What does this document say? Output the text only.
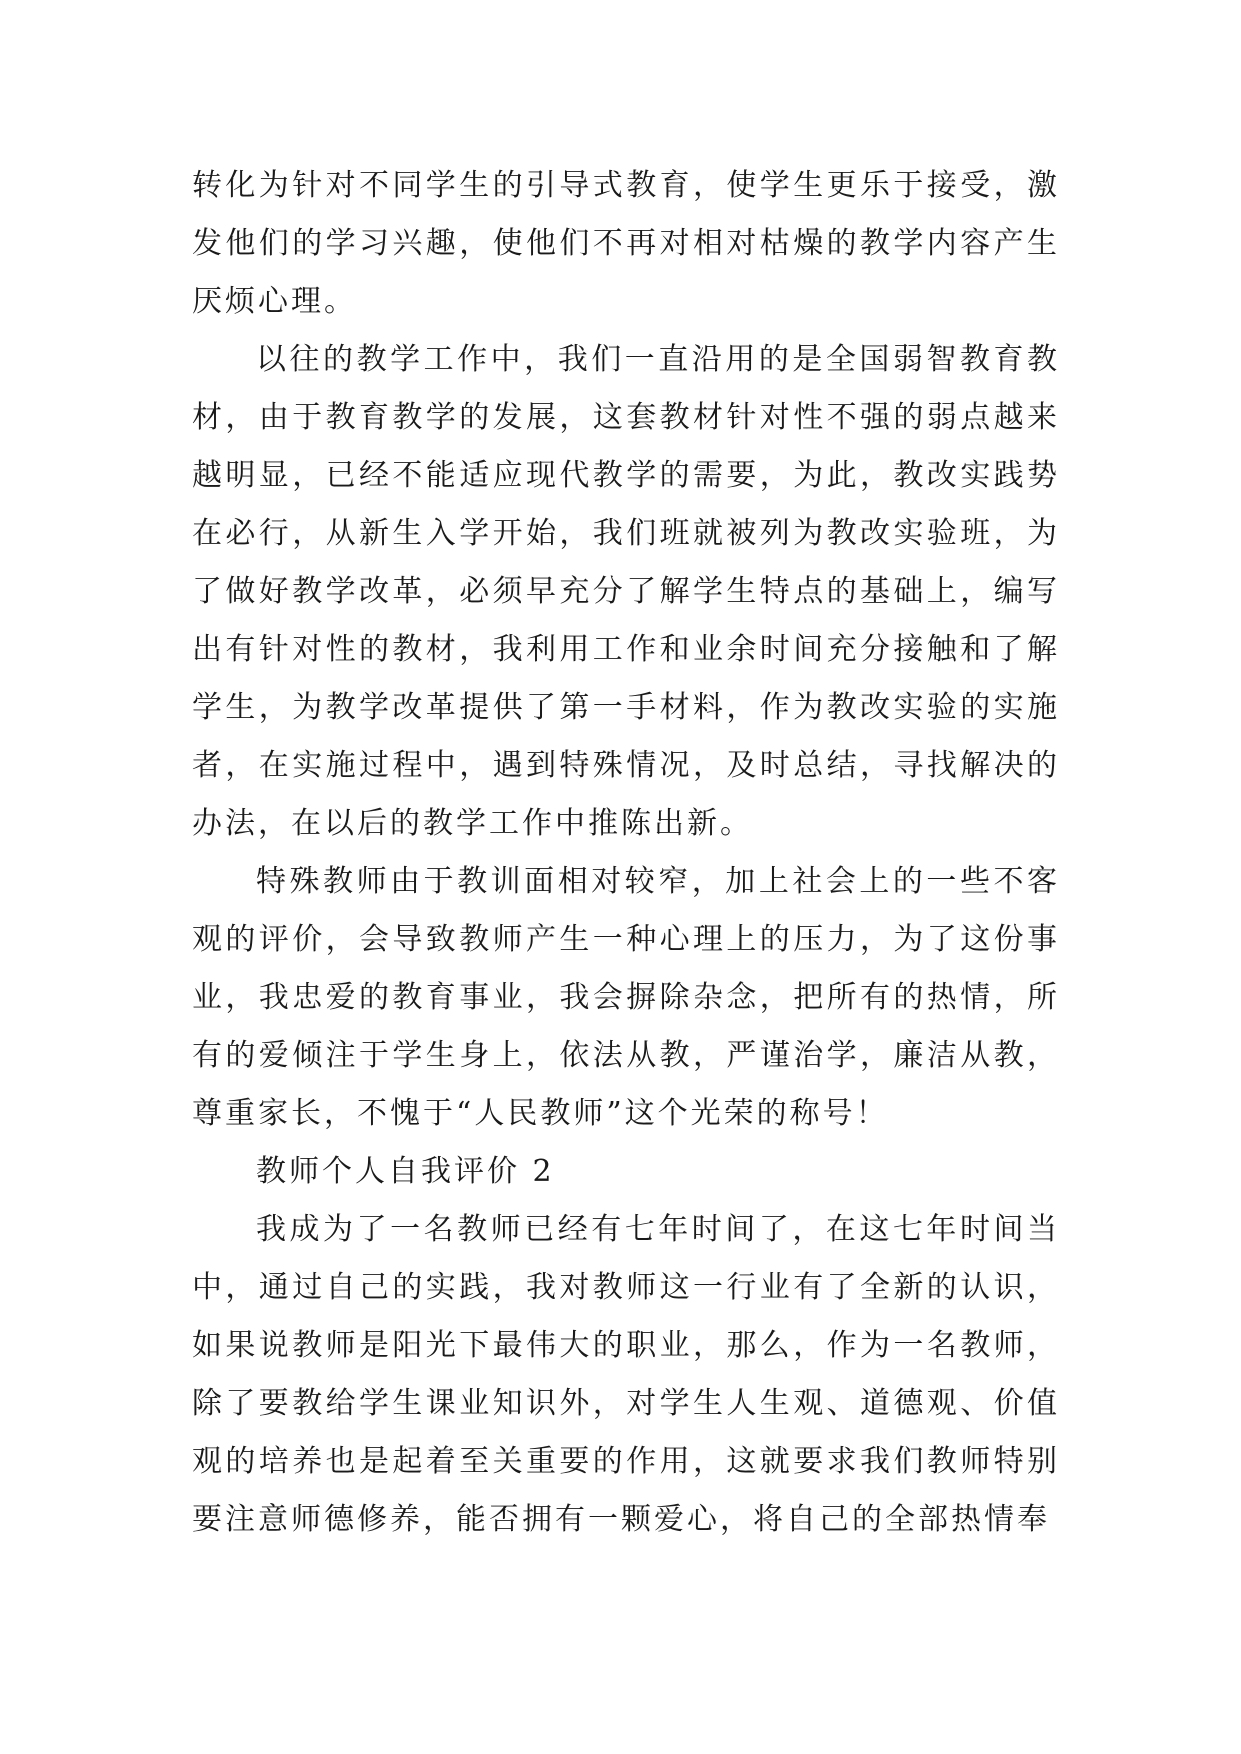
转化为针对不同学生的引导式教育，使学生更乐于接受，激发他们的学习兴趣，使他们不再对相对枯燥的教学内容产生厌烦心理。

以往的教学工作中，我们一直沿用的是全国弱智教育教材，由于教育教学的发展，这套教材针对性不强的弱点越来越明显，已经不能适应现代教学的需要，为此，教改实践势在必行，从新生入学开始，我们班就被列为教改实验班，为了做好教学改革，必须早充分了解学生特点的基础上，编写出有针对性的教材，我利用工作和业余时间充分接触和了解学生，为教学改革提供了第一手材料，作为教改实验的实施者，在实施过程中，遇到特殊情况，及时总结，寻找解决的办法，在以后的教学工作中推陈出新。

特殊教师由于教训面相对较窄，加上社会上的一些不客观的评价，会导致教师产生一种心理上的压力，为了这份事业，我忠爱的教育事业，我会摒除杂念，把所有的热情，所有的爱倾注于学生身上，依法从教，严谨治学，廉洁从教，尊重家长，不愧于“人民教师”这个光荣的称号！

教师个人自我评价 2

我成为了一名教师已经有七年时间了，在这七年时间当中，通过自己的实践，我对教师这一行业有了全新的认识，如果说教师是阳光下最伟大的职业，那么，作为一名教师，除了要教给学生课业知识外，对学生人生观、道德观、价值观的培养也是起着至关重要的作用，这就要求我们教师特别要注意师德修养，能否拥有一颗爱心，将自己的全部热情奉
